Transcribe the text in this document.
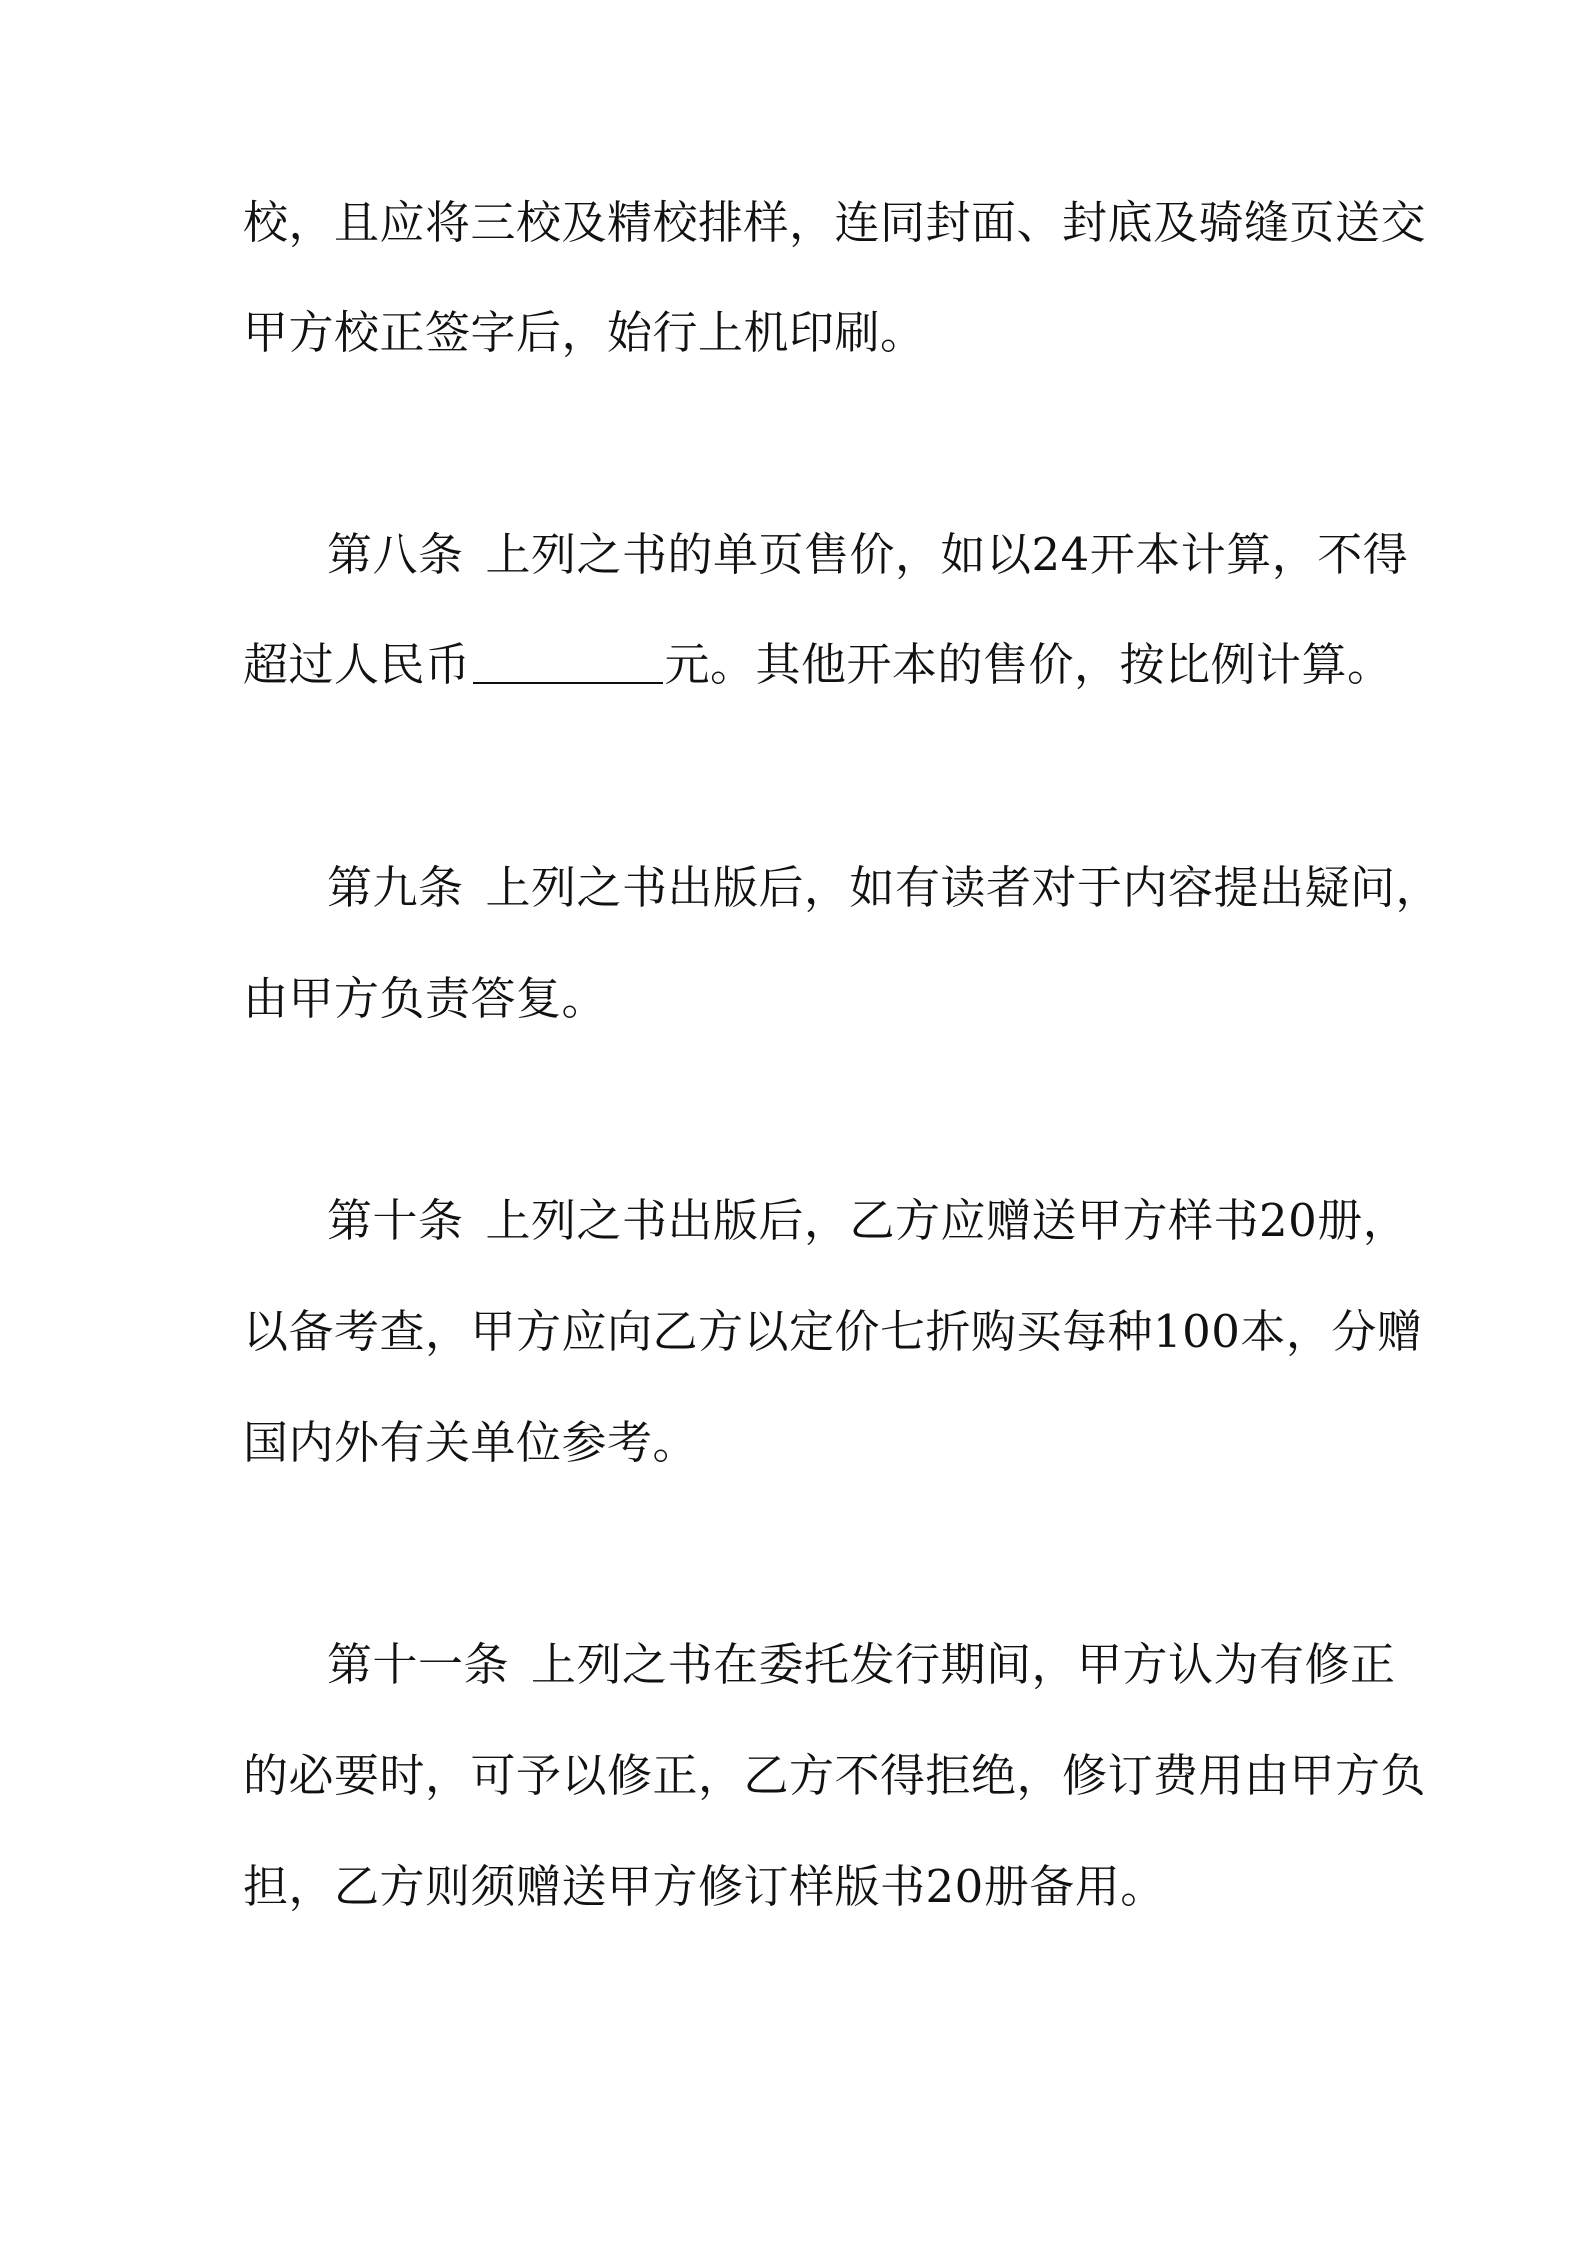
校，且应将三校及精校排样，连同封面、封底及骑缝页送交
甲方校正签字后，始行上机印刷。
第八条 上列之书的单页售价，如以24开本计算，不得
超过人民币	元。其他开本的售价，按比例计算。
第九条 上列之书出版后，如有读者对于内容提出疑问，
由甲方负责答复。
第十条 上列之书出版后，乙方应赠送甲方样书20册，
以备考查，甲方应向乙方以定价七折购买每种100本，分赠
国内外有关单位参考。
第十一条 上列之书在委托发行期间，甲方认为有修正
的必要时，可予以修正，乙方不得拒绝，修订费用由甲方负
担，乙方则须赠送甲方修订样版书20册备用。
